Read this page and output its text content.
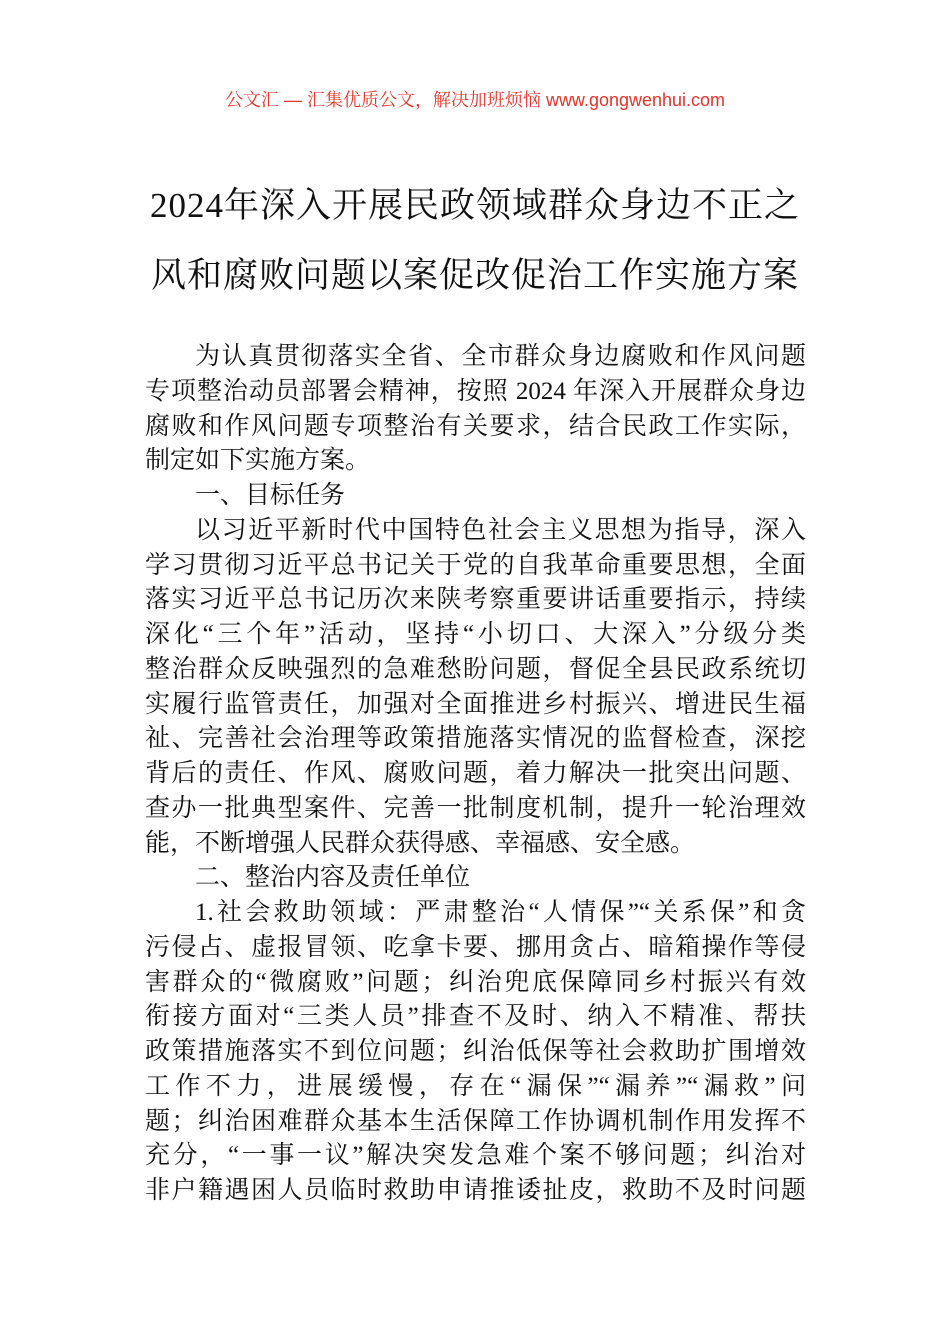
公文汇 — 汇集优质公文，解决加班烦恼 www.gongwenhui.com
2024年深入开展民政领域群众身边不正之
风和腐败问题以案促改促治工作实施方案
为认真贯彻落实全省、全市群众身边腐败和作风问题
专项整治动员部署会精神，按照 2024 年深入开展群众身边
腐败和作风问题专项整治有关要求，结合民政工作实际，
制定如下实施方案。
一、目标任务
以习近平新时代中国特色社会主义思想为指导，深入
学习贯彻习近平总书记关于党的自我革命重要思想，全面
落实习近平总书记历次来陕考察重要讲话重要指示，持续
深化“三个年”活动，坚持“小切口、大深入”分级分类
整治群众反映强烈的急难愁盼问题，督促全县民政系统切
实履行监管责任，加强对全面推进乡村振兴、增进民生福
祉、完善社会治理等政策措施落实情况的监督检查，深挖
背后的责任、作风、腐败问题，着力解决一批突出问题、
查办一批典型案件、完善一批制度机制，提升一轮治理效
能，不断增强人民群众获得感、幸福感、安全感。
二、整治内容及责任单位
1.社会救助领域：严肃整治“人情保”“关系保”和贪
污侵占、虚报冒领、吃拿卡要、挪用贪占、暗箱操作等侵
害群众的“微腐败”问题；纠治兜底保障同乡村振兴有效
衔接方面对“三类人员”排查不及时、纳入不精准、帮扶
政策措施落实不到位问题；纠治低保等社会救助扩围增效
工作不力，进展缓慢，存在“漏保”“漏养”“漏救”问
题；纠治困难群众基本生活保障工作协调机制作用发挥不
充分，“一事一议”解决突发急难个案不够问题；纠治对
非户籍遇困人员临时救助申请推诿扯皮，救助不及时问题
